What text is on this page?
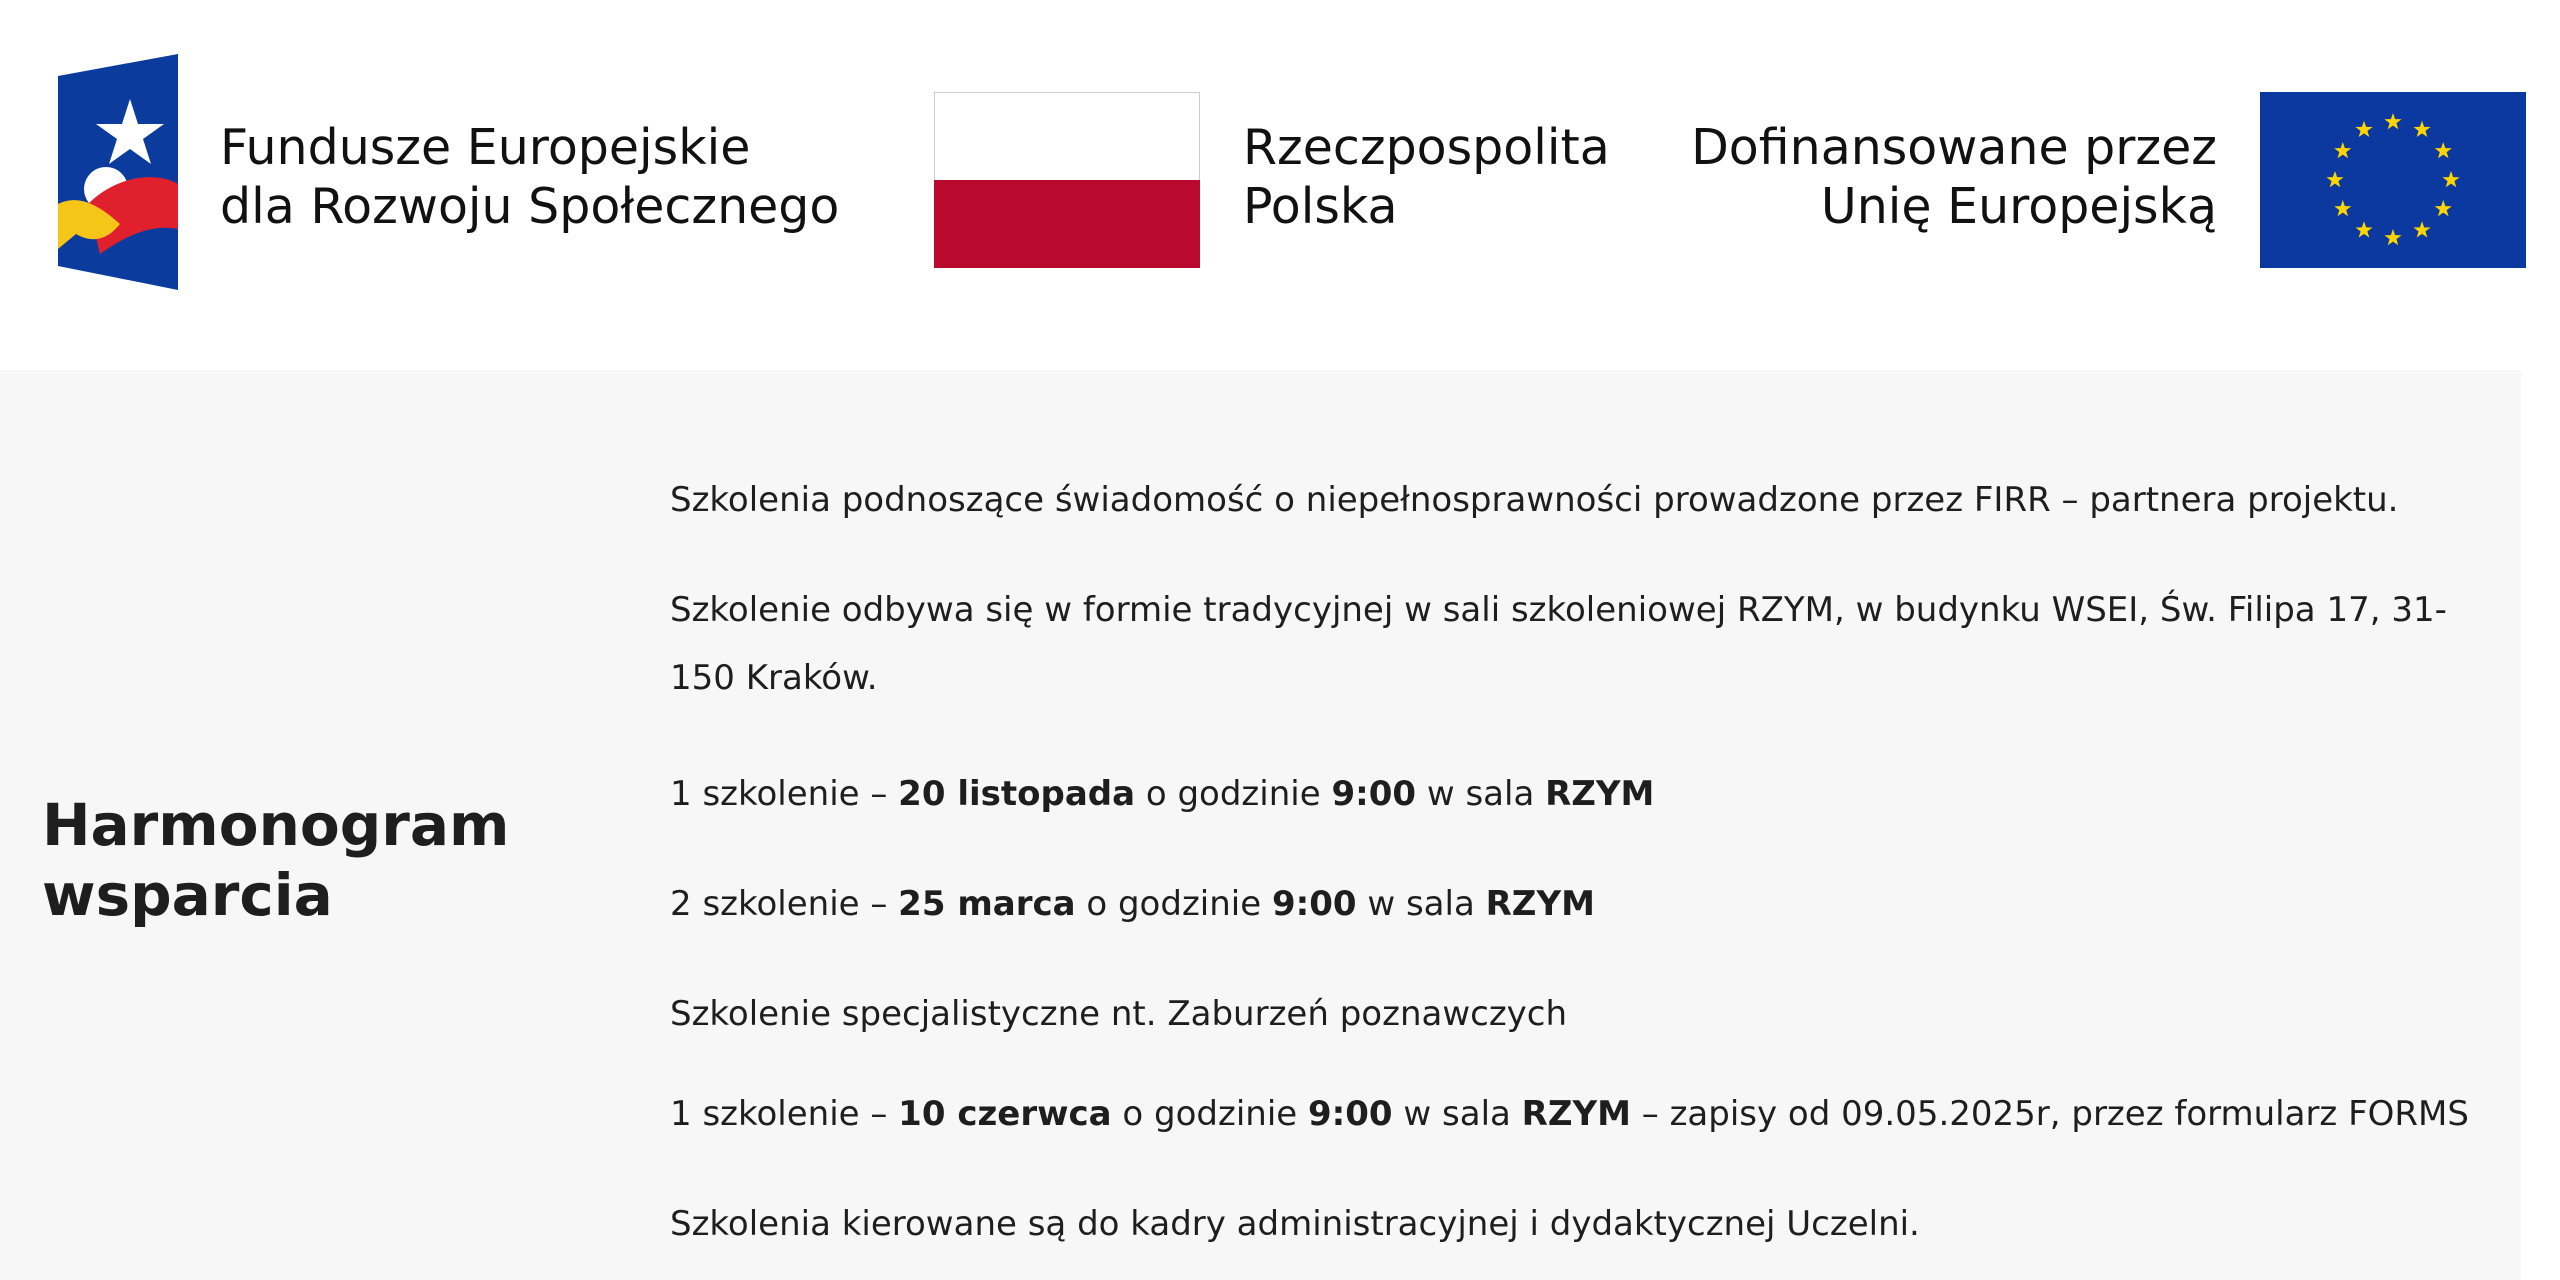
Fundusze Europejskie
dla Rozwoju Społecznego
Rzeczpospolita
Polska
Dofinansowane przez
Unię Europejską
Harmonogram
wsparcia

Szkolenia podnoszące świadomość o niepełnosprawności prowadzone przez FIRR – partnera projektu.

Szkolenie odbywa się w formie tradycyjnej w sali szkoleniowej RZYM, w budynku WSEI, Św. Filipa 17, 31-150 Kraków.

1 szkolenie – 20 listopada o godzinie 9:00 w sala RZYM

2 szkolenie – 25 marca o godzinie 9:00 w sala RZYM

Szkolenie specjalistyczne nt. Zaburzeń poznawczych

1 szkolenie – 10 czerwca o godzinie 9:00 w sala RZYM – zapisy od 09.05.2025r, przez formularz FORMS

Szkolenia kierowane są do kadry administracyjnej i dydaktycznej Uczelni.
